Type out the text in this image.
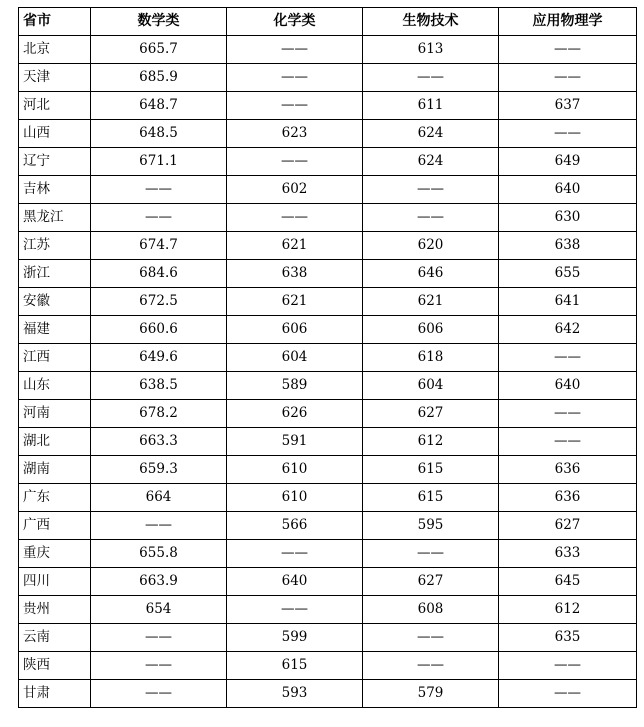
省市	数学类	化学类	生物技术	应用物理学
北京	665.7	——	613	——
天津	685.9	——	——	——
河北	648.7	——	611	637
山西	648.5	623	624	——
辽宁	671.1	——	624	649
吉林	——	602	——	640
黑龙江	——	——	——	630
江苏	674.7	621	620	638
浙江	684.6	638	646	655
安徽	672.5	621	621	641
福建	660.6	606	606	642
江西	649.6	604	618	——
山东	638.5	589	604	640
河南	678.2	626	627	——
湖北	663.3	591	612	——
湖南	659.3	610	615	636
广东	664	610	615	636
广西	——	566	595	627
重庆	655.8	——	——	633
四川	663.9	640	627	645
贵州	654	——	608	612
云南	——	599	——	635
陕西	——	615	——	——
甘肃	——	593	579	——
